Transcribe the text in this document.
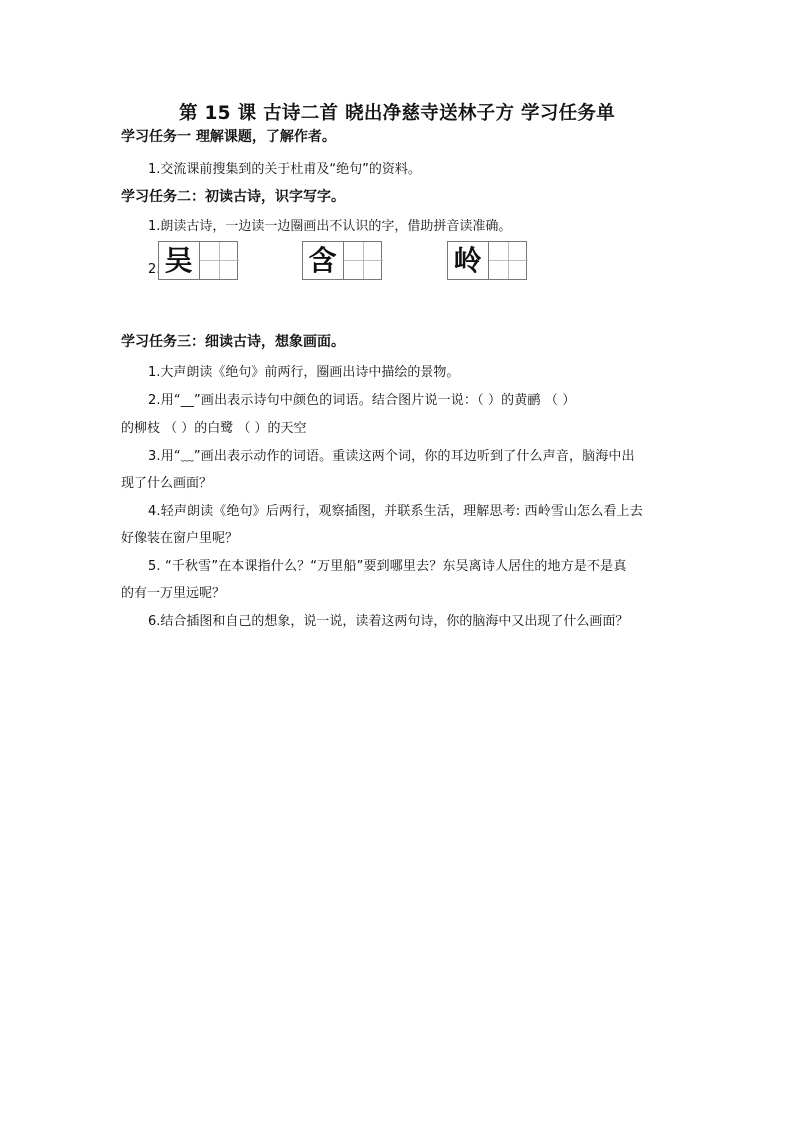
第 15 课 古诗二首 晓出净慈寺送林子方 学习任务单
学习任务一 理解课题，了解作者。
1.交流课前搜集到的关于杜甫及“绝句”的资料。
学习任务二：初读古诗，识字写字。
1.朗读古诗，一边读一边圈画出不认识的字，借助拼音读准确。
2. 吴	含	岭
学习任务三：细读古诗，想象画面。
1.大声朗读《绝句》前两行，圈画出诗中描绘的景物。
2.用“__”画出表示诗句中颜色的词语。结合图片说一说：（ ）的黄鹂 （ ）
的柳枝 （ ）的白鹭 （ ）的天空
3.用“﹏”画出表示动作的词语。重读这两个词，你的耳边听到了什么声音，脑海中出
现了什么画面？
4.轻声朗读《绝句》后两行，观察插图，并联系生活，理解思考: 西岭雪山怎么看上去
好像装在窗户里呢？
5. “千秋雪”在本课指什么？“万里船”要到哪里去？东吴离诗人居住的地方是不是真
的有一万里远呢？
6.结合插图和自己的想象，说一说，读着这两句诗，你的脑海中又出现了什么画面？
